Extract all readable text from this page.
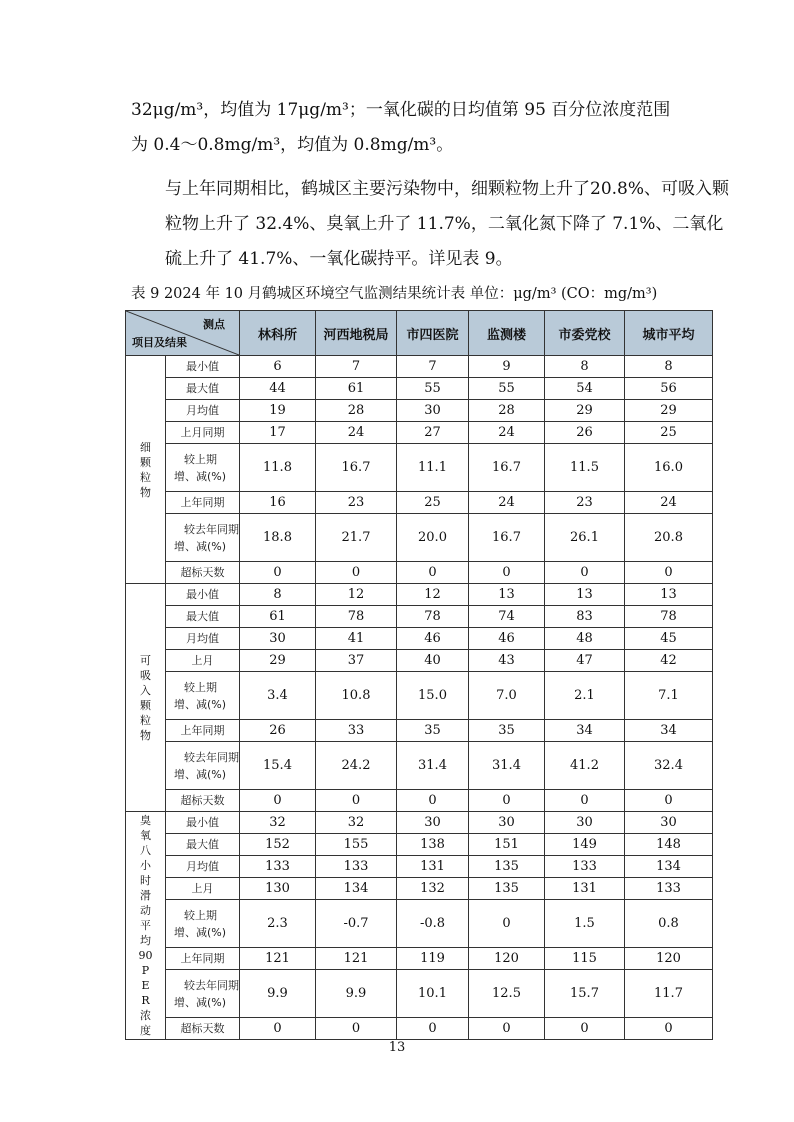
32μg/m³，均值为 17μg/m³；一氧化碳的日均值第 95 百分位浓度范围
为 0.4～0.8mg/m³，均值为 0.8mg/m³。
与上年同期相比，鹤城区主要污染物中，细颗粒物上升了20.8%、可吸入颗粒物上升了 32.4%、臭氧上升了 11.7%，二氧化氮下降了 7.1%、二氧化硫上升了 41.7%、一氧化碳持平。详见表 9。
表 9 2024 年 10 月鹤城区环境空气监测结果统计表 单位：μg/m³ (CO：mg/m³)
测点
项目及结果		林科所	河西地税局	市四医院	监测楼	市委党校	城市平均
细颗粒物	最小值	6	7	7	9	8	8
	最大值	44	61	55	55	54	56
	月均值	19	28	30	28	29	29
	上月同期	17	24	27	24	26	25

	较上期
增、减(%)	11.8	16.7	11.1	16.7	11.5	16.0
	上年同期	16	23	25	24	23	24

	较去年同期
增、减(%)	18.8	21.7	20.0	16.7	26.1	20.8
	超标天数	0	0	0	0	0	0
可吸入颗粒物	最小值	8	12	12	13	13	13
	最大值	61	78	78	74	83	78
	月均值	30	41	46	46	48	45
	上月	29	37	40	43	47	42

	较上期
增、减(%)	3.4	10.8	15.0	7.0	2.1	7.1
	上年同期	26	33	35	35	34	34

	较去年同期
增、减(%)	15.4	24.2	31.4	31.4	41.2	32.4
	超标天数	0	0	0	0	0	0
臭氧八小时滑动平均 90PER 浓度	最小值	32	32	30	30	30	30
	最大值	152	155	138	151	149	148
	月均值	133	133	131	135	133	134
	上月	130	134	132	135	131	133

	较上期
增、减(%)	2.3	-0.7	-0.8	0	1.5	0.8
	上年同期	121	121	119	120	115	120

	较去年同期
增、减(%)	9.9	9.9	10.1	12.5	15.7	11.7
	超标天数	0	0	0	0	0	0
13
